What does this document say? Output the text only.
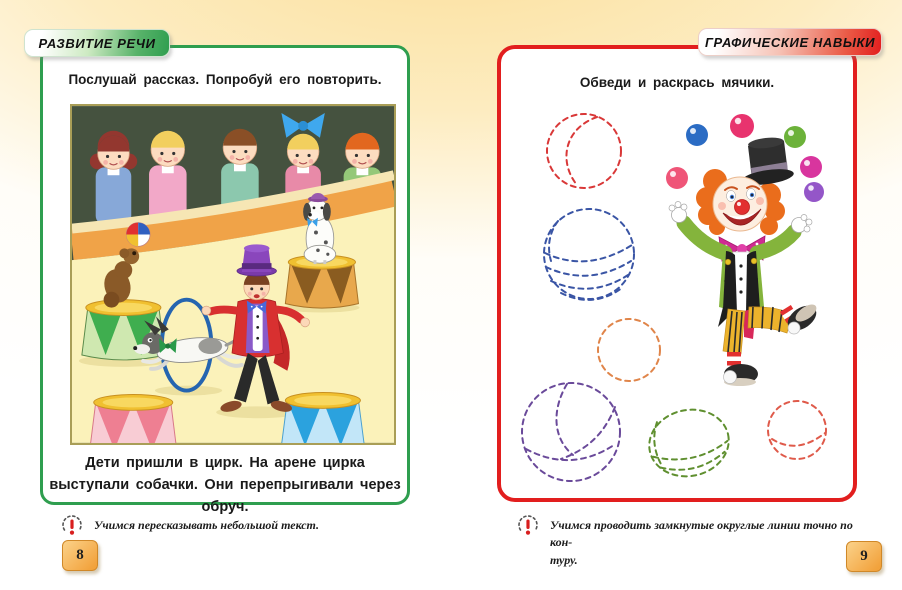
РАЗВИТИЕ РЕЧИ
Послушай рассказ. Попробуй его повторить.
Дети пришли в цирк. На арене цирка выступали собачки. Они перепрыгивали через обруч.
Учимся пересказывать небольшой текст.
8
ГРАФИЧЕСКИЕ НАВЫКИ
Обведи и раскрась мячики.
Учимся проводить замкнутые округлые линии точно по кон-
туру.	9
